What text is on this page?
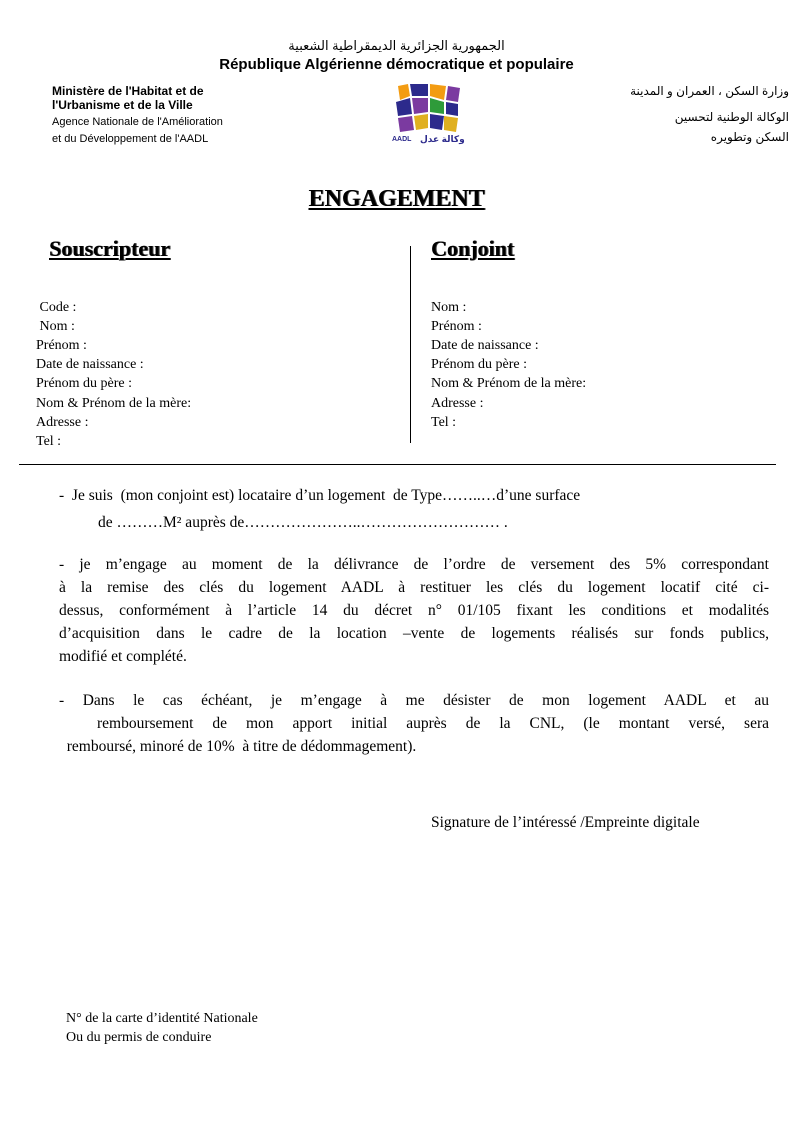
الجمهورية الجزائرية الديمقراطية الشعبية
République Algérienne démocratique et populaire
Ministère de l'Habitat et de
l'Urbanisme et de la Ville
Agence Nationale de l'Amélioration
et du Développement de l'AADL
وزارة السكن ، العمران و المدينة
الوكالة الوطنية لتحسين
السكن وتطويره
AADL وكالة عدل
ENGAGEMENT
Souscripteur	Conjoint
Code :
Nom :
Prénom :
Date de naissance :
Prénom du père :
Nom & Prénom de la mère:
Adresse :
Tel :
Nom :
Prénom :
Date de naissance :
Prénom du père :
Nom & Prénom de la mère:
Adresse :
Tel :
-  Je suis  (mon conjoint est) locataire d’un logement  de Type……..…d’une surface
de ………M² auprès de…………………..……………………… .
- je m’engage au moment de la délivrance de l’ordre de versement des 5% correspondant
à la remise des clés du logement AADL à restituer les clés du logement locatif cité ci-
dessus, conformément à l’article 14 du décret n° 01/105 fixant les conditions et modalités
d’acquisition dans le cadre de la location –vente de logements réalisés sur fonds publics,
modifié et complété.
- Dans le cas échéant, je m’engage à me désister de mon logement AADL et au
remboursement de mon apport initial auprès de la CNL, (le montant versé, sera
remboursé, minoré de 10%  à titre de dédommagement).
Signature de l’intéressé /Empreinte digitale
N° de la carte d’identité Nationale
Ou du permis de conduire
